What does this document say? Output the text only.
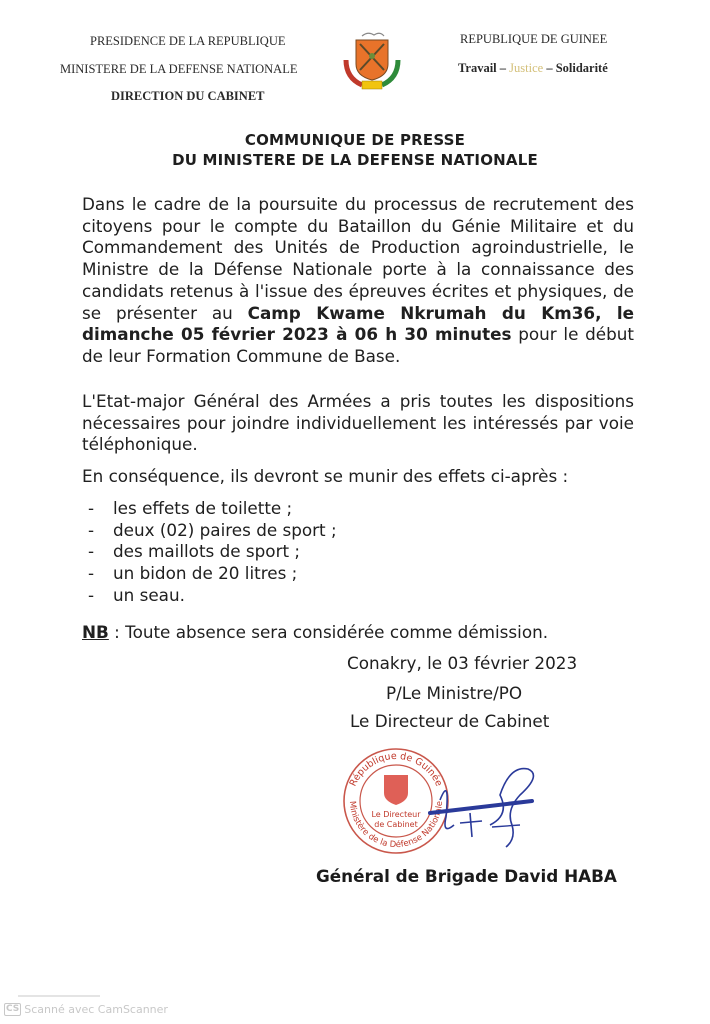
PRESIDENCE DE LA REPUBLIQUE
MINISTERE DE LA DEFENSE NATIONALE
DIRECTION DU CABINET
REPUBLIQUE DE GUINEE
Travail – Justice – Solidarité
COMMUNIQUE DE PRESSE
DU MINISTERE DE LA DEFENSE NATIONALE
Dans le cadre de la poursuite du processus de recrutement des citoyens pour le compte du Bataillon du Génie Militaire et du Commandement des Unités de Production agroindustrielle, le Ministre de la Défense Nationale porte à la connaissance des candidats retenus à l'issue des épreuves écrites et physiques, de se présenter au Camp Kwame Nkrumah du Km36, le dimanche 05 février 2023 à 06 h 30 minutes pour le début de leur Formation Commune de Base.
L'Etat-major Général des Armées a pris toutes les dispositions nécessaires pour joindre individuellement les intéressés par voie téléphonique.
En conséquence, ils devront se munir des effets ci-après :
- les effets de toilette ;
- deux (02) paires de sport ;
- des maillots de sport ;
- un bidon de 20 litres ;
- un seau.
NB : Toute absence sera considérée comme démission.
Conakry, le 03 février 2023
P/Le Ministre/PO
Le Directeur de Cabinet
République de Guinée
Ministère de la Défense Nationale
Le Directeur
de Cabinet
Général de Brigade David HABA
CS Scanné avec CamScanner
